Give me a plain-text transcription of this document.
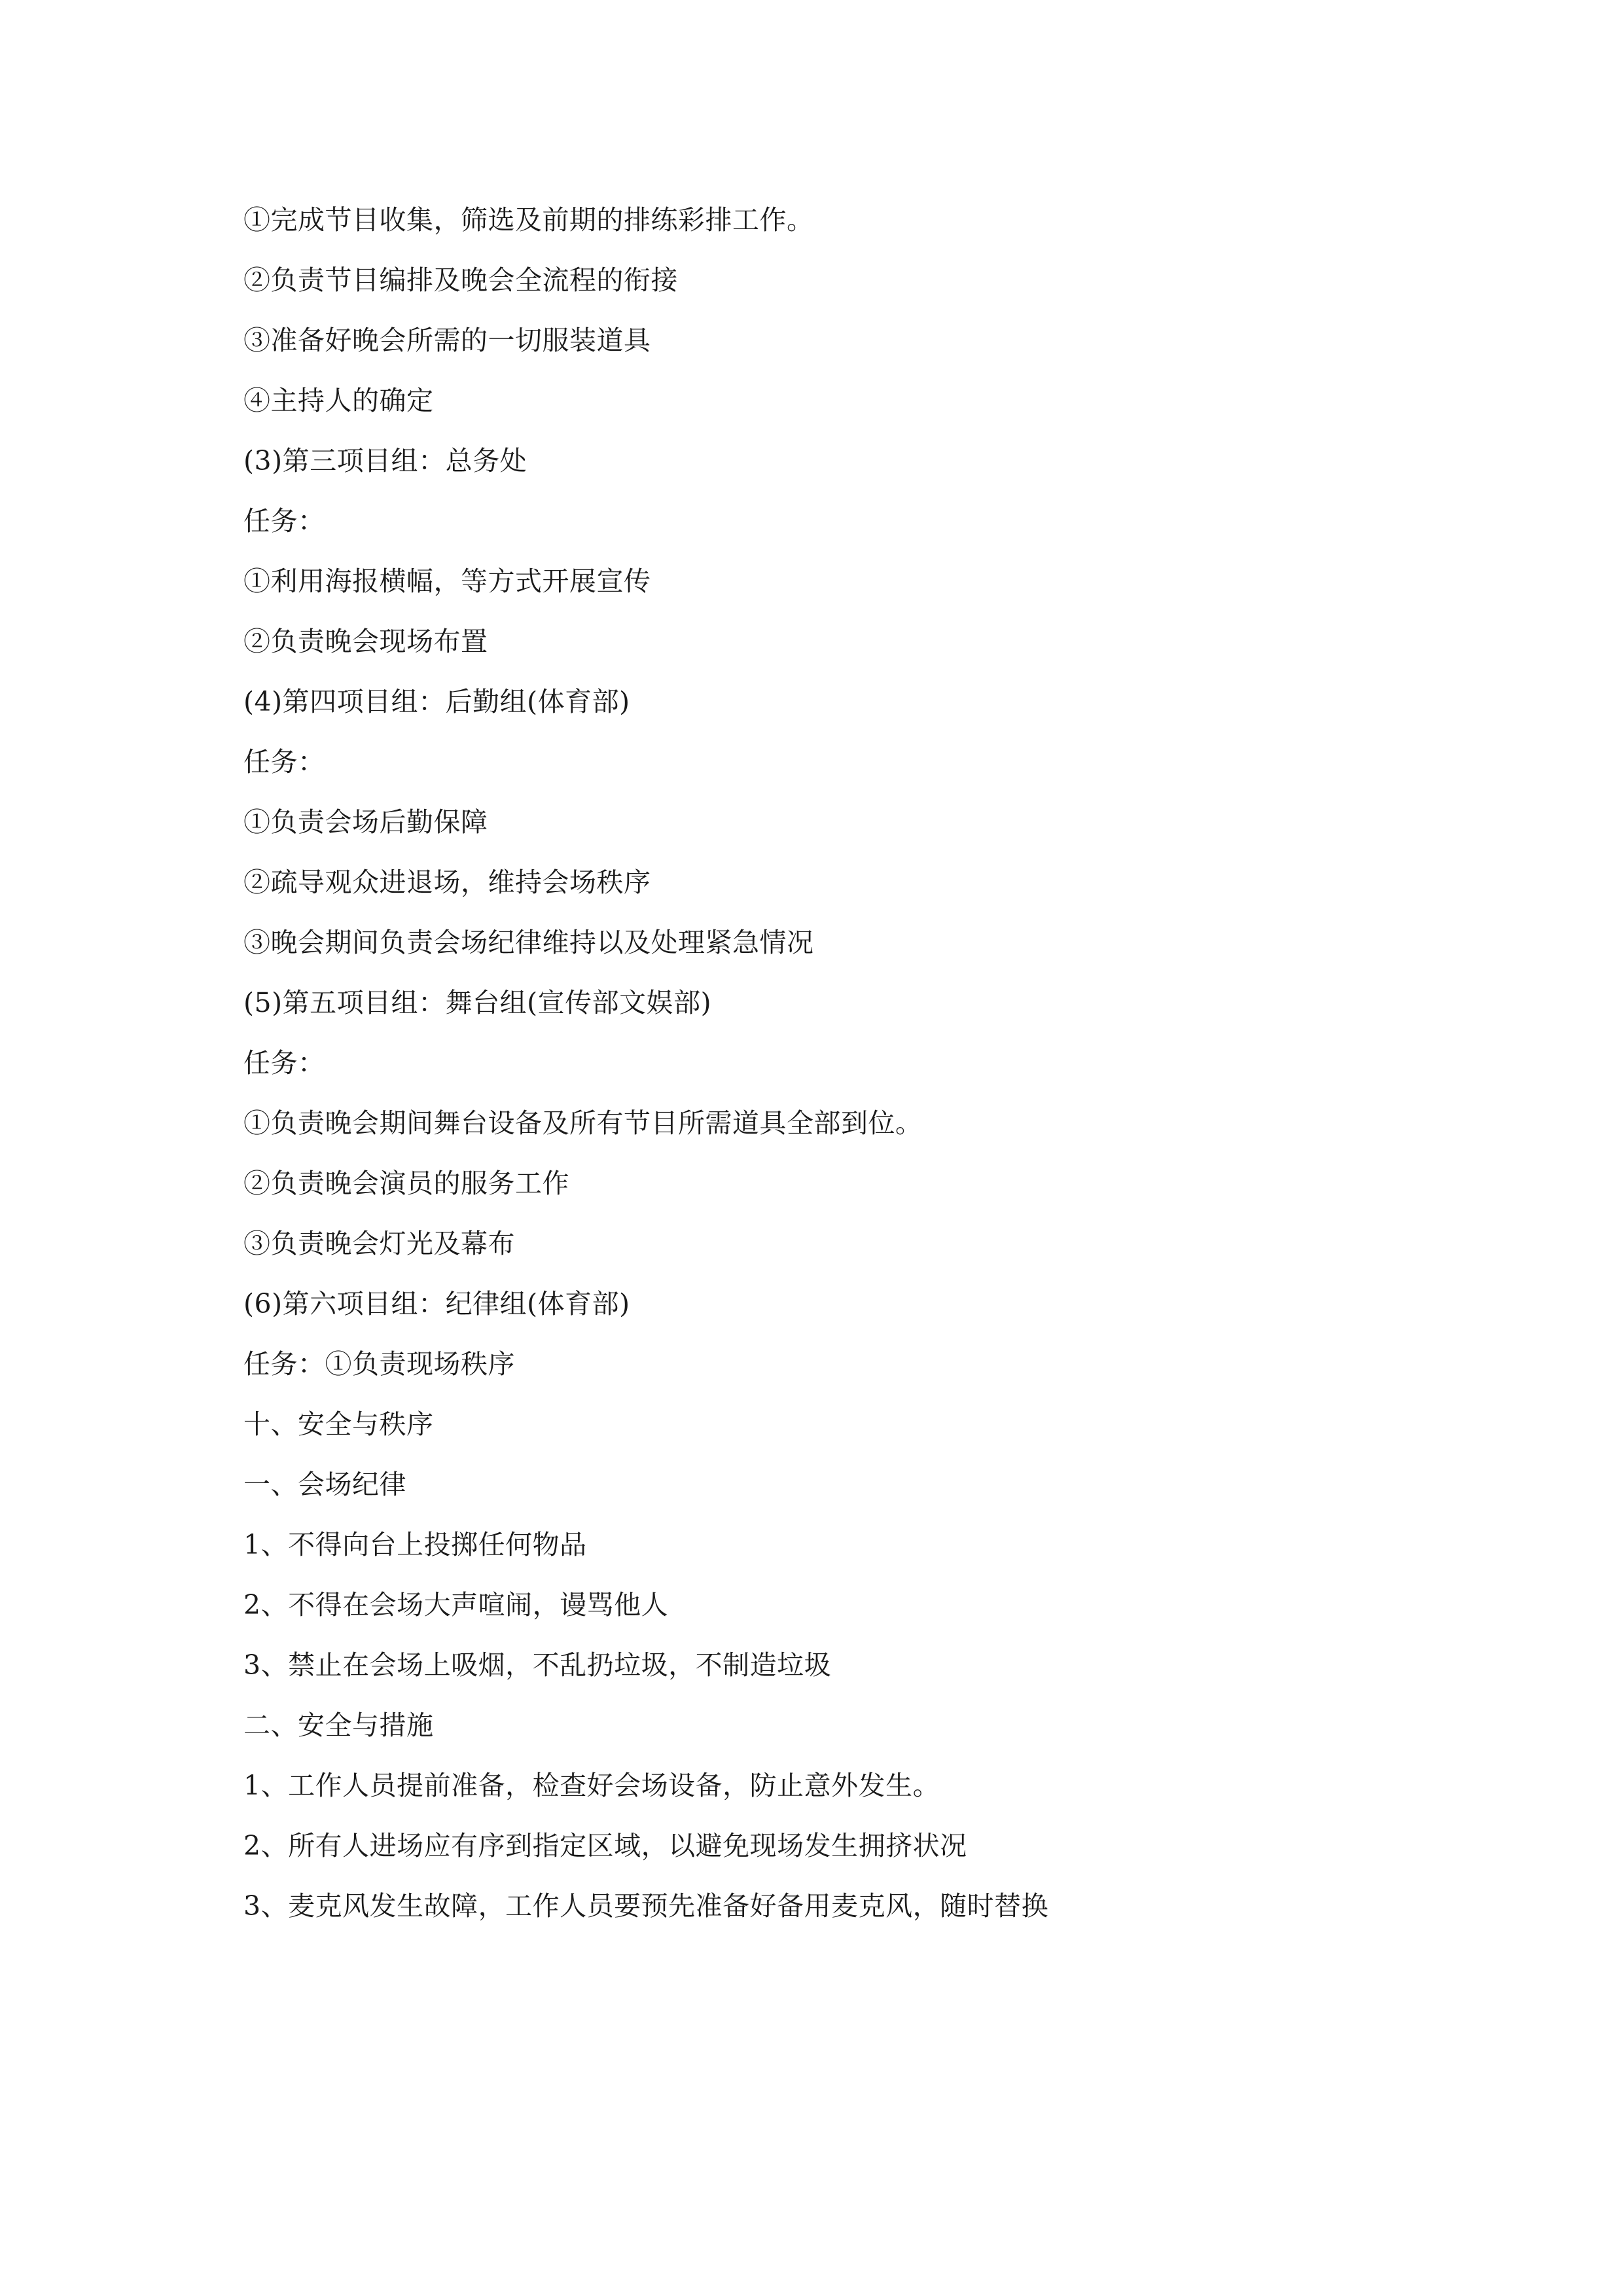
①完成节目收集，筛选及前期的排练彩排工作。
②负责节目编排及晚会全流程的衔接
③准备好晚会所需的一切服装道具
④主持人的确定
(3)第三项目组：总务处
任务：
①利用海报横幅，等方式开展宣传
②负责晚会现场布置
(4)第四项目组：后勤组(体育部)
任务：
①负责会场后勤保障
②疏导观众进退场，维持会场秩序
③晚会期间负责会场纪律维持以及处理紧急情况
(5)第五项目组：舞台组(宣传部文娱部)
任务：
①负责晚会期间舞台设备及所有节目所需道具全部到位。
②负责晚会演员的服务工作
③负责晚会灯光及幕布
(6)第六项目组：纪律组(体育部)
任务：①负责现场秩序
十、安全与秩序
一、会场纪律
1、不得向台上投掷任何物品
2、不得在会场大声喧闹，谩骂他人
3、禁止在会场上吸烟，不乱扔垃圾，不制造垃圾
二、安全与措施
1、工作人员提前准备，检查好会场设备，防止意外发生。
2、所有人进场应有序到指定区域，以避免现场发生拥挤状况
3、麦克风发生故障，工作人员要预先准备好备用麦克风，随时替换
